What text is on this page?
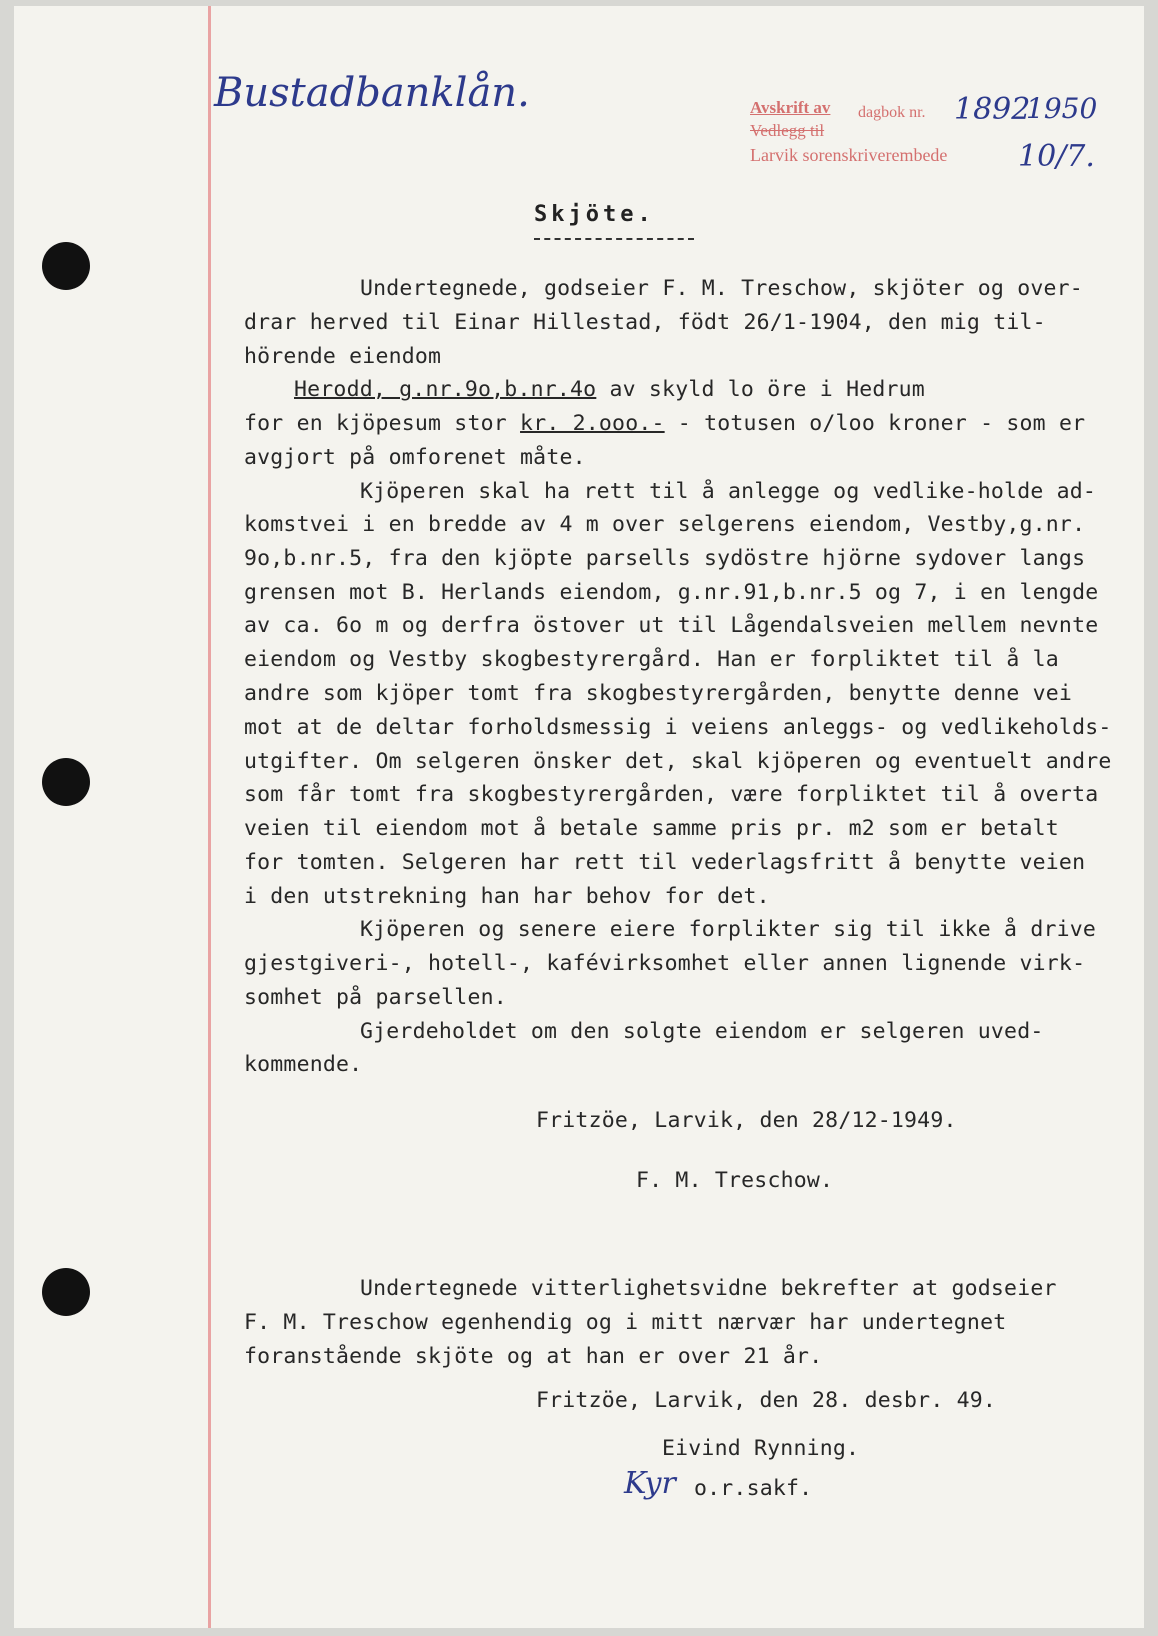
Bustadbanklån.	Avskrift av dagbok nr.
Vedlegg til
Larvik sorenskriverembede
1892
1950
10/7.
Skjöte.
Undertegnede, godseier F. M. Treschow, skjöter og over-
drar herved til Einar Hillestad, födt 26/1-1904, den mig til-
hörende eiendom
Herodd, g.nr.9o,b.nr.4o av skyld lo öre i Hedrum
for en kjöpesum stor kr. 2.ooo.- - totusen o/loo kroner - som er
avgjort på omforenet måte.
Kjöperen skal ha rett til å anlegge og vedlike-holde ad-
komstvei i en bredde av 4 m over selgerens eiendom, Vestby,g.nr.
9o,b.nr.5, fra den kjöpte parsells sydöstre hjörne sydover langs
grensen mot B. Herlands eiendom, g.nr.91,b.nr.5 og 7, i en lengde
av ca. 6o m og derfra östover ut til Lågendalsveien mellem nevnte
eiendom og Vestby skogbestyrergård. Han er forpliktet til å la
andre som kjöper tomt fra skogbestyrergården, benytte denne vei
mot at de deltar forholdsmessig i veiens anleggs- og vedlikeholds-
utgifter. Om selgeren önsker det, skal kjöperen og eventuelt andre
som får tomt fra skogbestyrergården, være forpliktet til å overta
veien til eiendom mot å betale samme pris pr. m2 som er betalt
for tomten. Selgeren har rett til vederlagsfritt å benytte veien
i den utstrekning han har behov for det.
Kjöperen og senere eiere forplikter sig til ikke å drive
gjestgiveri-, hotell-, kafévirksomhet eller annen lignende virk-
somhet på parsellen.
Gjerdeholdet om den solgte eiendom er selgeren uved-
kommende.
Fritzöe, Larvik, den 28/12-1949.
F. M. Treschow.
Undertegnede vitterlighetsvidne bekrefter at godseier
F. M. Treschow egenhendig og i mitt nærvær har undertegnet
foranstående skjöte og at han er over 21 år.
Fritzöe, Larvik, den 28. desbr. 49.
Eivind Rynning.
Kyr o.r.sakf.
